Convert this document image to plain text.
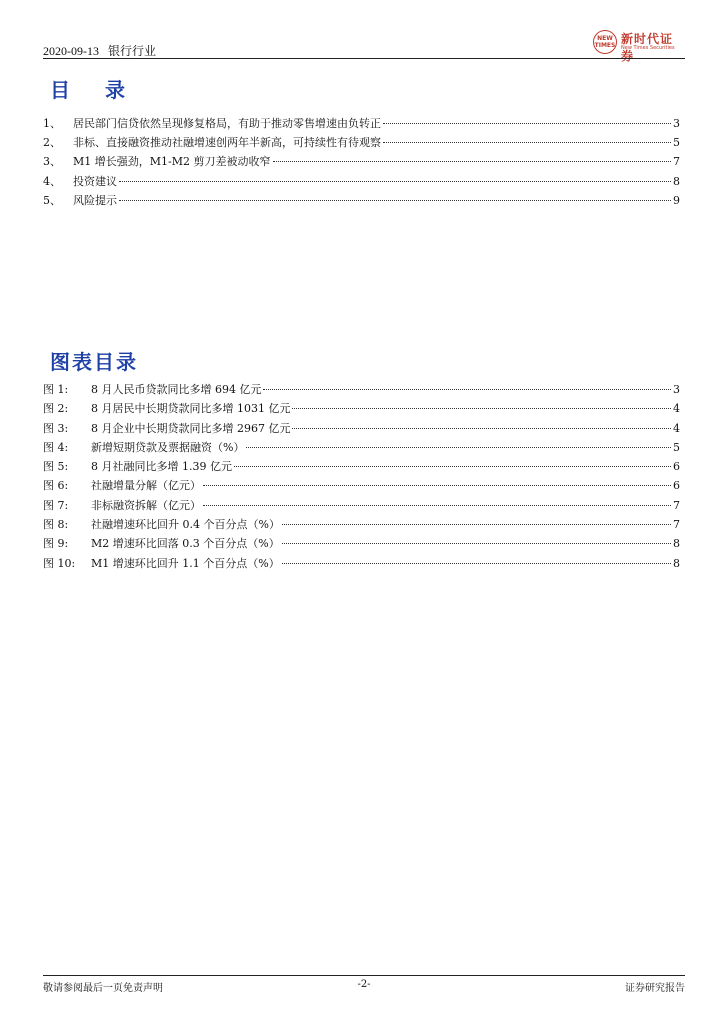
2020-09-13 银行行业
NEW TIMES 新时代证券
New Times Securities
目 录
1、	居民部门信贷依然呈现修复格局，有助于推动零售增速由负转正	3
2、	非标、直接融资推动社融增速创两年半新高，可持续性有待观察	5
3、	M1 增长强劲，M1-M2 剪刀差被动收窄	7
4、	投资建议	8
5、	风险提示	9
图表目录
图 1:	8 月人民币贷款同比多增 694 亿元	3
图 2:	8 月居民中长期贷款同比多增 1031 亿元	4
图 3:	8 月企业中长期贷款同比多增 2967 亿元	4
图 4:	新增短期贷款及票据融资（%）	5
图 5:	8 月社融同比多增 1.39 亿元	6
图 6:	社融增量分解（亿元）	6
图 7:	非标融资拆解（亿元）	7
图 8:	社融增速环比回升 0.4 个百分点（%）	7
图 9:	M2 增速环比回落 0.3 个百分点（%）	8
图 10:	M1 增速环比回升 1.1 个百分点（%）	8
敬请参阅最后一页免责声明	-2-	证券研究报告
